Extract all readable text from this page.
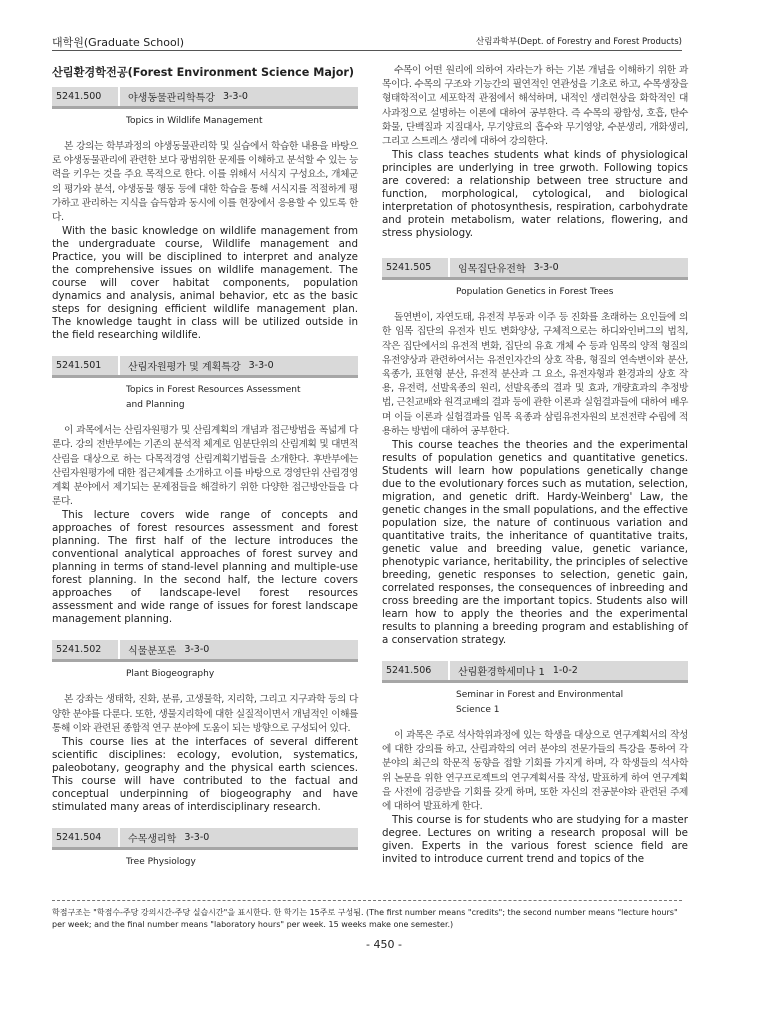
대학원(Graduate School)	산림과학부(Dept. of Forestry and Forest Products)
산림환경학전공(Forest Environment Science Major)
5241.500	야생동물관리학특강 3-3-0
Topics in Wildlife Management

본 강의는 학부과정의 야생동물관리학 및 실습에서 학습한 내용을 바탕으로 야생동물관리에 관련한 보다 광범위한 문제를 이해하고 분석할 수 있는 능력을 키우는 것을 주요 목적으로 한다. 이를 위해서 서식지 구성요소, 개체군의 평가와 분석, 야생동물 행동 등에 대한 학습을 통해 서식지를 적절하게 평가하고 관리하는 지식을 습득함과 동시에 이를 현장에서 응용할 수 있도록 한다.

With the basic knowledge on wildlife management from the undergraduate course, Wildlife management and Practice, you will be disciplined to interpret and analyze the comprehensive issues on wildlife management. The course will cover habitat components, population dynamics and analysis, animal behavior, etc as the basic steps for designing efficient wildlife management plan. The knowledge taught in class will be utilized outside in the field researching wildlife.

5241.501	산림자원평가 및 계획특강 3-3-0
Topics in Forest Resources Assessment
and Planning

이 과목에서는 산림자원평가 및 산림계획의 개념과 접근방법을 폭넓게 다룬다. 강의 전반부에는 기존의 분석적 체계로 임분단위의 산림계획 및 대면적 산림을 대상으로 하는 다목적경영 산림계획기법들을 소개한다. 후반부에는 산림자원평가에 대한 접근체계를 소개하고 이를 바탕으로 경영단위 산림경영계획 분야에서 제기되는 문제점들을 해결하기 위한 다양한 접근방안들을 다룬다.

This lecture covers wide range of concepts and approaches of forest resources assessment and forest planning. The first half of the lecture introduces the conventional analytical approaches of forest survey and planning in terms of stand-level planning and multiple-use forest planning. In the second half, the lecture covers approaches of landscape-level forest resources assessment and wide range of issues for forest landscape management planning.

5241.502	식물분포론 3-3-0
Plant Biogeography

본 강좌는 생태학, 진화, 분류, 고생물학, 지리학, 그리고 지구과학 등의 다양한 분야를 다룬다. 또한, 생물지리학에 대한 실질적이면서 개념적인 이해를 통해 이와 관련된 종합적 연구 분야에 도움이 되는 방향으로 구성되어 있다.

This course lies at the interfaces of several different scientific disciplines: ecology, evolution, systematics, paleobotany, geography and the physical earth sciences. This course will have contributed to the factual and conceptual underpinning of biogeography and have stimulated many areas of interdisciplinary research.

5241.504	수목생리학 3-3-0
Tree Physiology

수목이 어떤 원리에 의하여 자라는가 하는 기본 개념을 이해하기 위한 과목이다. 수목의 구조와 기능간의 필연적인 연관성을 기초로 하고, 수목생장을 형태학적이고 세포학적 관점에서 해석하며, 내적인 생리현상을 화학적인 대사과정으로 설명하는 이론에 대하여 공부한다. 즉 수목의 광합성, 호흡, 탄수화물, 단백질과 지질대사, 무기양료의 흡수와 무기영양, 수분생리, 개화생리, 그리고 스트레스 생리에 대하여 강의한다.

This class teaches students what kinds of physiological principles are underlying in tree grwoth. Following topics are covered: a relationship between tree structure and function, morphological, cytological, and biological interpretation of photosynthesis, respiration, carbohydrate and protein metabolism, water relations, flowering, and stress physiology.

5241.505	임목집단유전학 3-3-0
Population Genetics in Forest Trees

돌연변이, 자연도태, 유전적 부동과 이주 등 진화를 초래하는 요인들에 의한 임목 집단의 유전자 빈도 변화양상, 구체적으로는 하디와인버그의 법칙, 작은 집단에서의 유전적 변화, 집단의 유효 개체 수 등과 임목의 양적 형질의 유전양상과 관련하여서는 유전인자간의 상호 작용, 형질의 연속변이와 분산, 육종가, 표현형 분산, 유전적 분산과 그 요소, 유전자형과 환경과의 상호 작용, 유전력, 선발육종의 원리, 선발육종의 결과 및 효과, 개량효과의 추정방법, 근친교배와 원격교배의 결과 등에 관한 이론과 실험결과들에 대하여 배우며 이들 이론과 실험결과를 임목 육종과 삼림유전자원의 보전전략 수립에 적용하는 방법에 대하여 공부한다.

This course teaches the theories and the experimental results of population genetics and quantitative genetics. Students will learn how populations genetically change due to the evolutionary forces such as mutation, selection, migration, and genetic drift. Hardy-Weinberg' Law, the genetic changes in the small populations, and the effective population size, the nature of continuous variation and quantitative traits, the inheritance of quantitative traits, genetic value and breeding value, genetic variance, phenotypic variance, heritability, the principles of selective breeding, genetic responses to selection, genetic gain, correlated responses, the consequences of inbreeding and cross breeding are the important topics. Students also will learn how to apply the theories and the experimental results to planning a breeding program and establishing of a conservation strategy.

5241.506	산림환경학세미나 1 1-0-2
Seminar in Forest and Environmental
Science 1

이 과목은 주로 석사학위과정에 있는 학생을 대상으로 연구계획서의 작성에 대한 강의를 하고, 산림과학의 여러 분야의 전문가들의 특강을 통하여 각 분야의 최근의 학문적 동향을 접할 기회를 가지게 하며, 각 학생들의 석사학위 논문을 위한 연구프로젝트의 연구계획서를 작성, 발표하게 하여 연구계획을 사전에 검증받을 기회를 갖게 하며, 또한 자신의 전공분야와 관련된 주제에 대하여 발표하게 한다.

This course is for students who are studying for a master degree. Lectures on writing a research proposal will be given. Experts in the various forest science field are invited to introduce current trend and topics of the

학점구조는 "학점수-주당 강의시간-주당 실습시간"을 표시한다. 한 학기는 15주로 구성됨. (The first number means "credits"; the second number means "lecture hours" per week; and the final number means "laboratory hours" per week. 15 weeks make one semester.)
- 450 -
